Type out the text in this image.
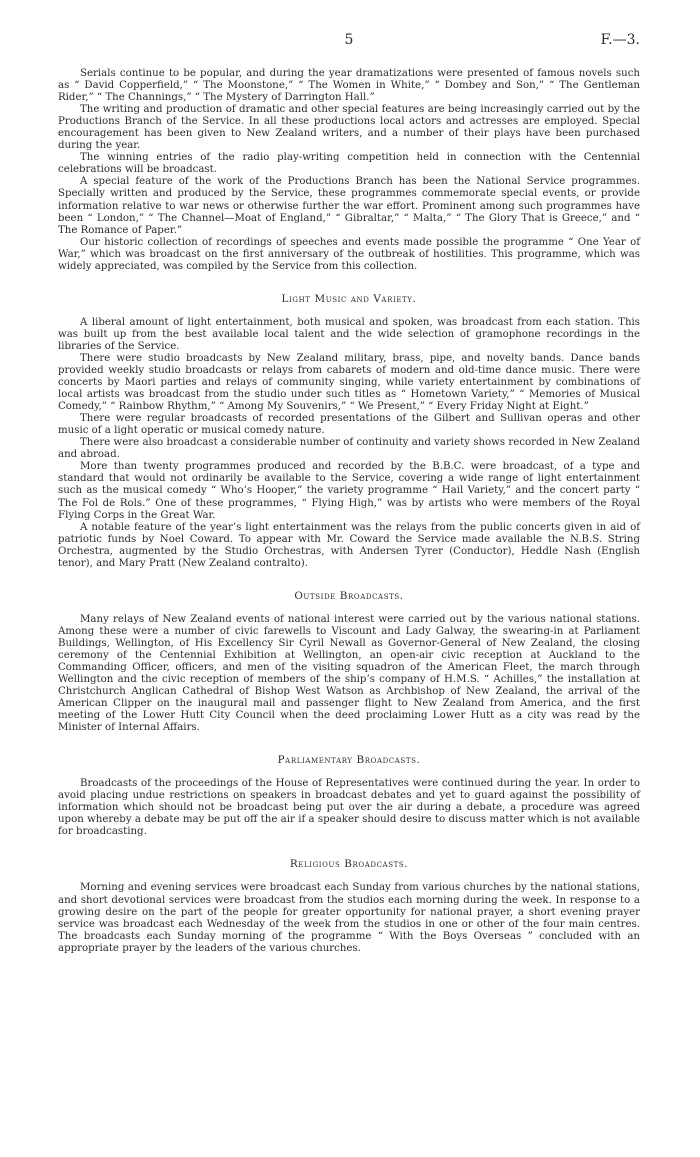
5	F.—3.

Serials continue to be popular, and during the year dramatizations were presented of famous novels such as “ David Copperfield,” “ The Moonstone,” “ The Women in White,” “ Dombey and Son,” “ The Gentleman Rider,” “ The Channings,” “ The Mystery of Darrington Hall.”

The writing and production of dramatic and other special features are being increasingly carried out by the Productions Branch of the Service. In all these productions local actors and actresses are employed. Special encouragement has been given to New Zealand writers, and a number of their plays have been purchased during the year.

The winning entries of the radio play-writing competition held in connection with the Centennial celebrations will be broadcast.

A special feature of the work of the Productions Branch has been the National Service programmes. Specially written and produced by the Service, these programmes commemorate special events, or provide information relative to war news or otherwise further the war effort. Prominent among such programmes have been “ London,” “ The Channel—Moat of England,” “ Gibraltar,” “ Malta,” “ The Glory That is Greece,” and “ The Romance of Paper.”

Our historic collection of recordings of speeches and events made possible the programme “ One Year of War,” which was broadcast on the first anniversary of the outbreak of hostilities. This programme, which was widely appreciated, was compiled by the Service from this collection.

Light Music and Variety.

A liberal amount of light entertainment, both musical and spoken, was broadcast from each station. This was built up from the best available local talent and the wide selection of gramophone recordings in the libraries of the Service.

There were studio broadcasts by New Zealand military, brass, pipe, and novelty bands. Dance bands provided weekly studio broadcasts or relays from cabarets of modern and old-time dance music. There were concerts by Maori parties and relays of community singing, while variety entertainment by combinations of local artists was broadcast from the studio under such titles as “ Hometown Variety,” “ Memories of Musical Comedy,” “ Rainbow Rhythm,” “ Among My Souvenirs,” “ We Present,” “ Every Friday Night at Eight.”

There were regular broadcasts of recorded presentations of the Gilbert and Sullivan operas and other music of a light operatic or musical comedy nature.

There were also broadcast a considerable number of continuity and variety shows recorded in New Zealand and abroad.

More than twenty programmes produced and recorded by the B.B.C. were broadcast, of a type and standard that would not ordinarily be available to the Service, covering a wide range of light entertainment such as the musical comedy “ Who’s Hooper,” the variety programme “ Hail Variety,” and the concert party “ The Fol de Rols.” One of these programmes, “ Flying High,” was by artists who were members of the Royal Flying Corps in the Great War.

A notable feature of the year’s light entertainment was the relays from the public concerts given in aid of patriotic funds by Noel Coward. To appear with Mr. Coward the Service made available the N.B.S. String Orchestra, augmented by the Studio Orchestras, with Andersen Tyrer (Conductor), Heddle Nash (English tenor), and Mary Pratt (New Zealand contralto).

Outside Broadcasts.

Many relays of New Zealand events of national interest were carried out by the various national stations. Among these were a number of civic farewells to Viscount and Lady Galway, the swearing-in at Parliament Buildings, Wellington, of His Excellency Sir Cyril Newall as Governor-General of New Zealand, the closing ceremony of the Centennial Exhibition at Wellington, an open-air civic reception at Auckland to the Commanding Officer, officers, and men of the visiting squadron of the American Fleet, the march through Wellington and the civic reception of members of the ship’s company of H.M.S. “ Achilles,” the installation at Christchurch Anglican Cathedral of Bishop West Watson as Archbishop of New Zealand, the arrival of the American Clipper on the inaugural mail and passenger flight to New Zealand from America, and the first meeting of the Lower Hutt City Council when the deed proclaiming Lower Hutt as a city was read by the Minister of Internal Affairs.

Parliamentary Broadcasts.

Broadcasts of the proceedings of the House of Representatives were continued during the year. In order to avoid placing undue restrictions on speakers in broadcast debates and yet to guard against the possibility of information which should not be broadcast being put over the air during a debate, a procedure was agreed upon whereby a debate may be put off the air if a speaker should desire to discuss matter which is not available for broadcasting.

Religious Broadcasts.

Morning and evening services were broadcast each Sunday from various churches by the national stations, and short devotional services were broadcast from the studios each morning during the week. In response to a growing desire on the part of the people for greater opportunity for national prayer, a short evening prayer service was broadcast each Wednesday of the week from the studios in one or other of the four main centres. The broadcasts each Sunday morning of the programme “ With the Boys Overseas ” concluded with an appropriate prayer by the leaders of the various churches.
